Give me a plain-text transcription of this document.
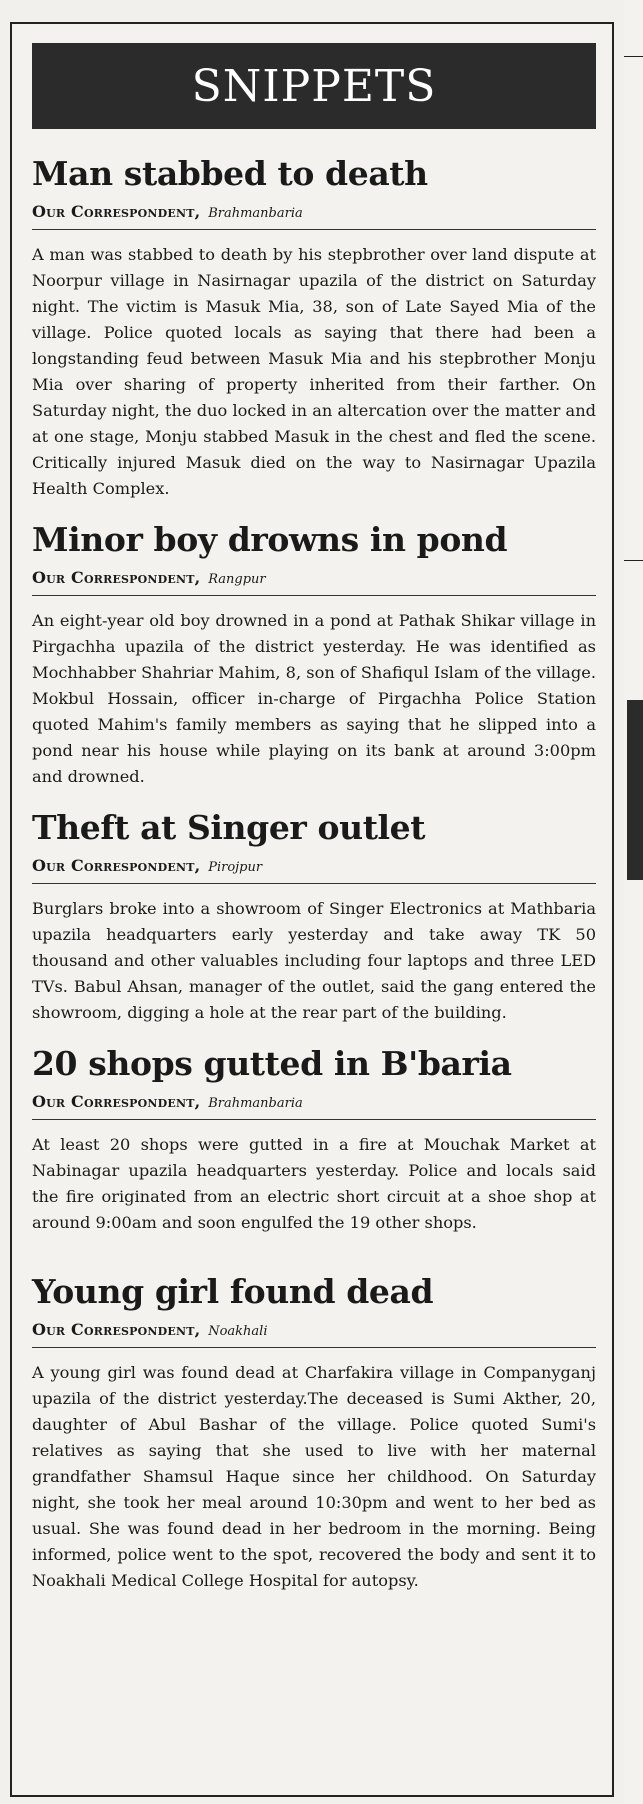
SNIPPETS
Man stabbed to death
Our Correspondent, Brahmanbaria

A man was stabbed to death by his stepbrother over land dispute at Noorpur village in Nasirnagar upazila of the district on Saturday night. The victim is Masuk Mia, 38, son of Late Sayed Mia of the village. Police quoted locals as saying that there had been a longstanding feud between Masuk Mia and his stepbrother Monju Mia over sharing of property inherited from their farther. On Saturday night, the duo locked in an altercation over the matter and at one stage, Monju stabbed Masuk in the chest and fled the scene. Critically injured Masuk died on the way to Nasirnagar Upazila Health Complex.

Minor boy drowns in pond
Our Correspondent, Rangpur

An eight-year old boy drowned in a pond at Pathak Shikar village in Pirgachha upazila of the district yesterday. He was identified as Mochhabber Shahriar Mahim, 8, son of Shafiqul Islam of the village. Mokbul Hossain, officer in-charge of Pirgachha Police Station quoted Mahim's family members as saying that he slipped into a pond near his house while playing on its bank at around 3:00pm and drowned.

Theft at Singer outlet
Our Correspondent, Pirojpur

Burglars broke into a showroom of Singer Electronics at Mathbaria upazila headquarters early yesterday and take away TK 50 thousand and other valuables including four laptops and three LED TVs. Babul Ahsan, manager of the outlet, said the gang entered the showroom, digging a hole at the rear part of the building.

20 shops gutted in B'baria
Our Correspondent, Brahmanbaria

At least 20 shops were gutted in a fire at Mouchak Market at Nabinagar upazila headquarters yesterday. Police and locals said the fire originated from an electric short circuit at a shoe shop at around 9:00am and soon engulfed the 19 other shops.

Young girl found dead
Our Correspondent, Noakhali

A young girl was found dead at Charfakira village in Companyganj upazila of the district yesterday.The deceased is Sumi Akther, 20, daughter of Abul Bashar of the village. Police quoted Sumi's relatives as saying that she used to live with her maternal grandfather Shamsul Haque since her childhood. On Saturday night, she took her meal around 10:30pm and went to her bed as usual. She was found dead in her bedroom in the morning. Being informed, police went to the spot, recovered the body and sent it to Noakhali Medical College Hospital for autopsy.
